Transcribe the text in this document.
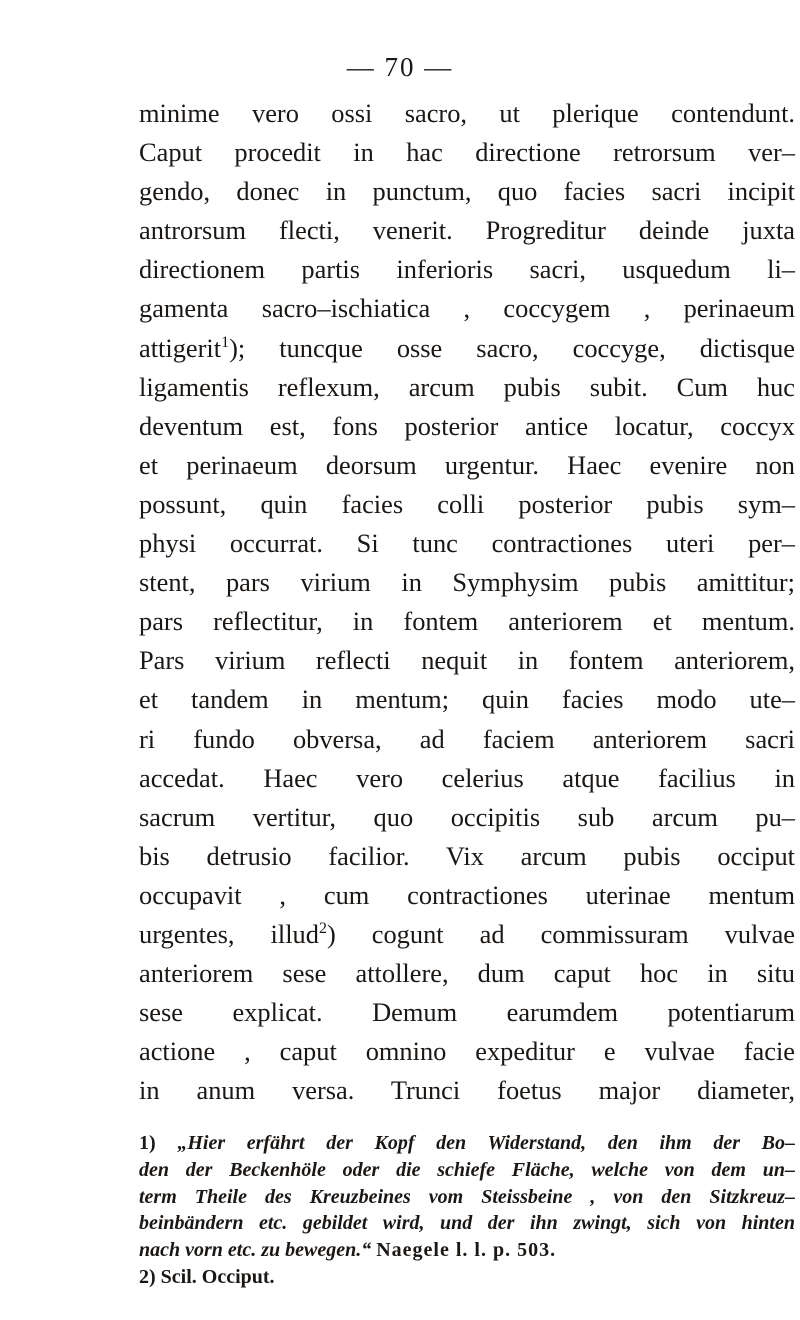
— 70 —
minime vero ossi sacro, ut plerique contendunt.
Caput procedit in hac directione retrorsum ver–
gendo, donec in punctum, quo facies sacri incipit
antrorsum flecti, venerit. Progreditur deinde juxta
directionem partis inferioris sacri, usquedum li–
gamenta sacro–ischiatica , coccygem , perinaeum
attigerit$^1$); tuncque osse sacro, coccyge, dictisque
ligamentis reflexum, arcum pubis subit. Cum huc
deventum est, fons posterior antice locatur, coccyx
et perinaeum deorsum urgentur. Haec evenire non
possunt, quin facies colli posterior pubis sym–
physi occurrat. Si tunc contractiones uteri per–
stent, pars virium in Symphysim pubis amittitur;
pars reflectitur, in fontem anteriorem et mentum.
Pars virium reflecti nequit in fontem anteriorem,
et tandem in mentum; quin facies modo ute–
ri fundo obversa, ad faciem anteriorem sacri
accedat. Haec vero celerius atque facilius in
sacrum vertitur, quo occipitis sub arcum pu–
bis detrusio facilior. Vix arcum pubis occiput
occupavit , cum contractiones uterinae mentum
urgentes, illud$^2$) cogunt ad commissuram vulvae
anteriorem sese attollere, dum caput hoc in situ
sese explicat. Demum earumdem potentiarum
actione , caput omnino expeditur e vulvae facie
in anum versa. Trunci foetus major diameter,
1) „Hier erfährt der Kopf den Widerstand, den ihm der Bo–
den der Beckenhöle oder die schiefe Fläche, welche von dem un–
term Theile des Kreuzbeines vom Steissbeine , von den Sitzkreuz–
beinbändern etc. gebildet wird, und der ihn zwingt, sich von hinten
nach vorn etc. zu bewegen.“ Naegele l. l. p. 503.
2) Scil. Occiput.
